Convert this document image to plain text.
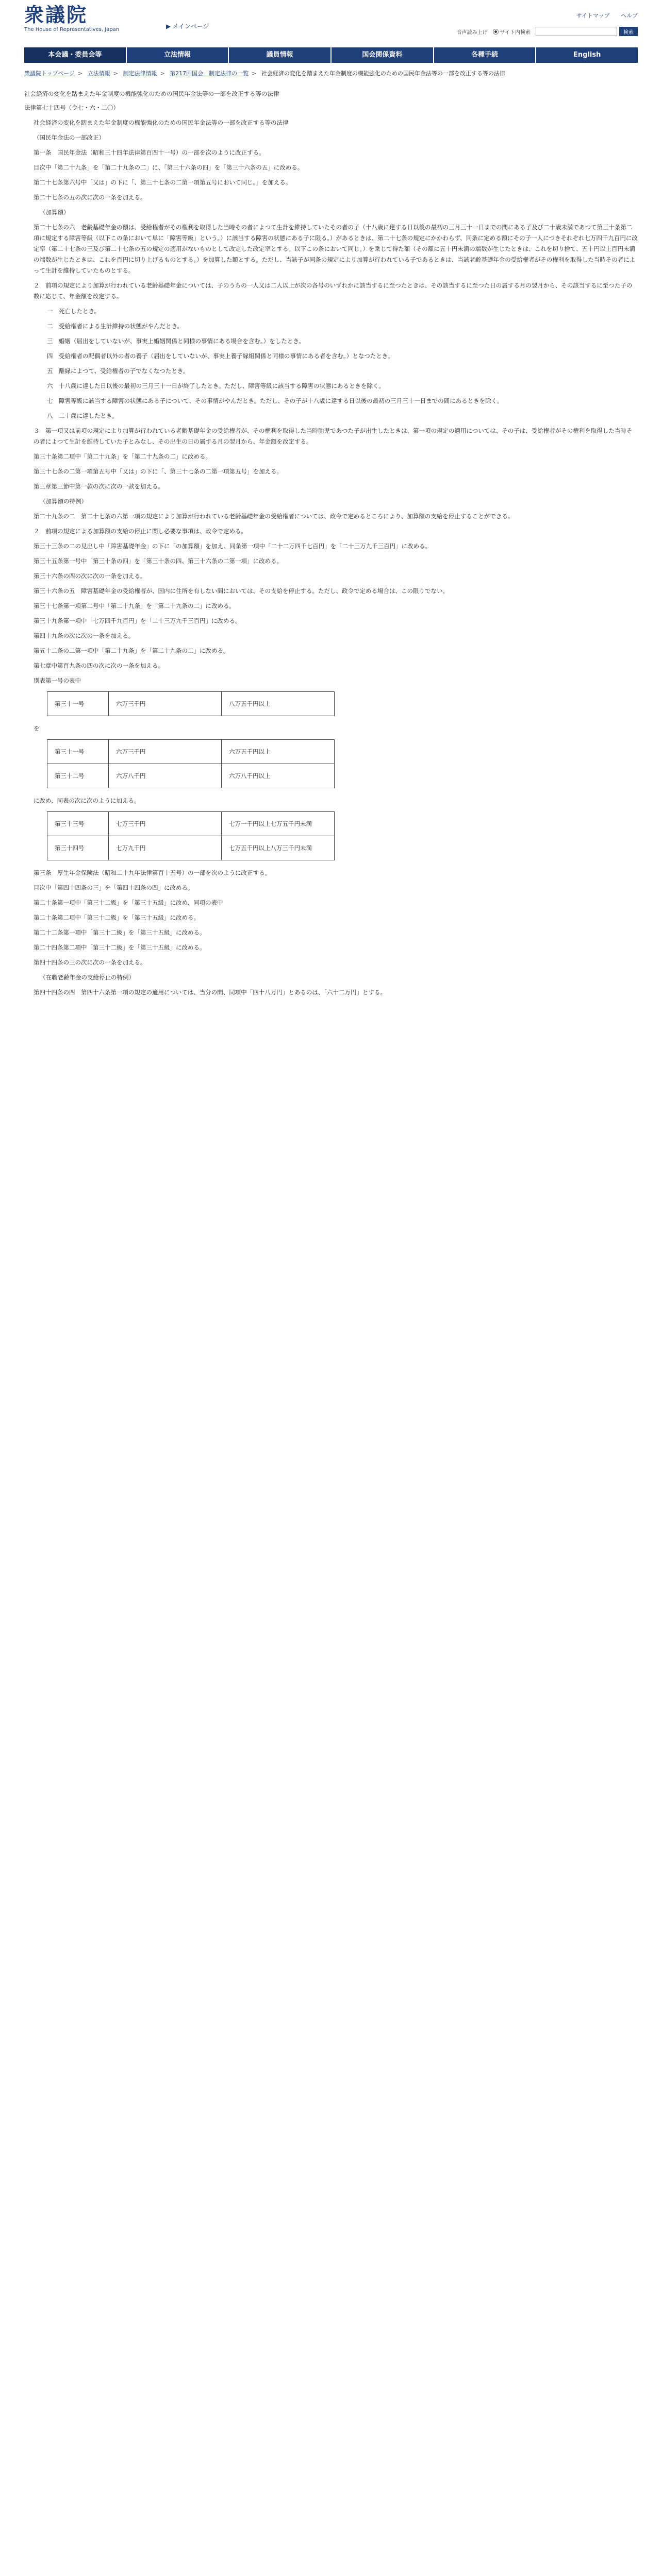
衆議院
The House of Representatives, Japan	▶ メインページ
サイトマップ ヘルプ
音声読み上げ サイト内検索	検索
本会議・委員会等	立法情報	議員情報	国会関係資料	各種手続	English
衆議院トップページ > 立法情報 > 制定法律情報 > 第217回国会　制定法律の一覧 > 社会経済の変化を踏まえた年金制度の機能強化のための国民年金法等の一部を改正する等の法律

社会経済の変化を踏まえた年金制度の機能強化のための国民年金法等の一部を改正する等の法律

法律第七十四号（令七・六・二〇）

社会経済の変化を踏まえた年金制度の機能強化のための国民年金法等の一部を改正する等の法律

（国民年金法の一部改正）

第一条　国民年金法（昭和三十四年法律第百四十一号）の一部を次のように改正する。

目次中「第二十九条」を「第二十九条の二」に、「第三十六条の四」を「第三十六条の五」に改める。

第二十七条第六号中「又は」の下に「、第三十七条の二第一項第五号において同じ。」を加える。

第二十七条の五の次に次の一条を加える。

（加算額）

第二十七条の六　老齢基礎年金の額は、受給権者がその権利を取得した当時その者によつて生計を維持していたその者の子（十八歳に達する日以後の最初の三月三十一日までの間にある子及び二十歳未満であつて第三十条第二項に規定する障害等級（以下この条において単に「障害等級」という。）に該当する障害の状態にある子に限る。）があるときは、第二十七条の規定にかかわらず、同条に定める額にその子一人につきそれぞれ七万四千九百円に改定率（第二十七条の三及び第二十七条の五の規定の適用がないものとして改定した改定率とする。以下この条において同じ。）を乗じて得た額（その額に五十円未満の端数が生じたときは、これを切り捨て、五十円以上百円未満の端数が生じたときは、これを百円に切り上げるものとする。）を加算した額とする。ただし、当該子が同条の規定により加算が行われている子であるときは、当該老齢基礎年金の受給権者がその権利を取得した当時その者によって生計を維持していたものとする。

２　前項の規定により加算が行われている老齢基礎年金については、子のうちの一人又は二人以上が次の各号のいずれかに該当するに至つたときは、その該当するに至つた日の属する月の翌月から、その該当するに至つた子の数に応じて、年金額を改定する。

一　死亡したとき。

二　受給権者による生計維持の状態がやんだとき。

三　婚姻（届出をしていないが、事実上婚姻関係と同様の事情にある場合を含む。）をしたとき。

四　受給権者の配偶者以外の者の養子（届出をしていないが、事実上養子縁組関係と同様の事情にある者を含む。）となつたとき。

五　離縁によつて、受給権者の子でなくなつたとき。

六　十八歳に達した日以後の最初の三月三十一日が終了したとき。ただし、障害等級に該当する障害の状態にあるときを除く。

七　障害等級に該当する障害の状態にある子について、その事情がやんだとき。ただし、その子が十八歳に達する日以後の最初の三月三十一日までの間にあるときを除く。

八　二十歳に達したとき。

３　第一項又は前項の規定により加算が行われている老齢基礎年金の受給権者が、その権利を取得した当時胎児であつた子が出生したときは、第一項の規定の適用については、その子は、受給権者がその権利を取得した当時その者によつて生計を維持していた子とみなし、その出生の日の属する月の翌月から、年金額を改定する。

第三十条第二項中「第二十九条」を「第二十九条の二」に改める。

第三十七条の二第一項第五号中「又は」の下に「、第三十七条の二第一項第五号」を加える。

第三章第三節中第一款の次に次の一款を加える。

（加算額の特例）

第二十九条の二　第二十七条の六第一項の規定により加算が行われている老齢基礎年金の受給権者については、政令で定めるところにより、加算額の支給を停止することができる。

２　前項の規定による加算額の支給の停止に関し必要な事項は、政令で定める。

第三十三条の二の見出し中「障害基礎年金」の下に「の加算額」を加え、同条第一項中「二十二万四千七百円」を「二十三万九千三百円」に改める。

第三十五条第一号中「第三十条の四」を「第三十条の四、第三十六条の二第一項」に改める。

第三十六条の四の次に次の一条を加える。

第三十六条の五　障害基礎年金の受給権者が、国内に住所を有しない間においては、その支給を停止する。ただし、政令で定める場合は、この限りでない。

第三十七条第一項第二号中「第二十九条」を「第二十九条の二」に改める。

第三十九条第一項中「七万四千九百円」を「二十三万九千三百円」に改める。

第四十九条の次に次の一条を加える。

第五十二条の二第一項中「第二十九条」を「第二十九条の二」に改める。

第七章中第百九条の四の次に次の一条を加える。

別表第一号の表中

第三十一号	六万三千円	八万五千円以上

を

第三十一号	六万三千円	六万五千円以上
第三十二号	六万八千円	六万八千円以上

に改め、同表の次に次のように加える。

第三十三号	七万三千円	七万一千円以上七万五千円未満
第三十四号	七万九千円	七万五千円以上八万三千円未満

第三条　厚生年金保険法（昭和二十九年法律第百十五号）の一部を次のように改正する。

目次中「第四十四条の三」を「第四十四条の四」に改める。

第二十条第一項中「第三十二級」を「第三十五級」に改め、同項の表中

第二十条第二項中「第三十二級」を「第三十五級」に改める。

第二十二条第一項中「第三十二級」を「第三十五級」に改める。

第二十四条第二項中「第三十二級」を「第三十五級」に改める。

第四十四条の三の次に次の一条を加える。

（在職老齢年金の支給停止の特例）

第四十四条の四　第四十六条第一項の規定の適用については、当分の間、同項中「四十八万円」とあるのは、「六十二万円」とする。
